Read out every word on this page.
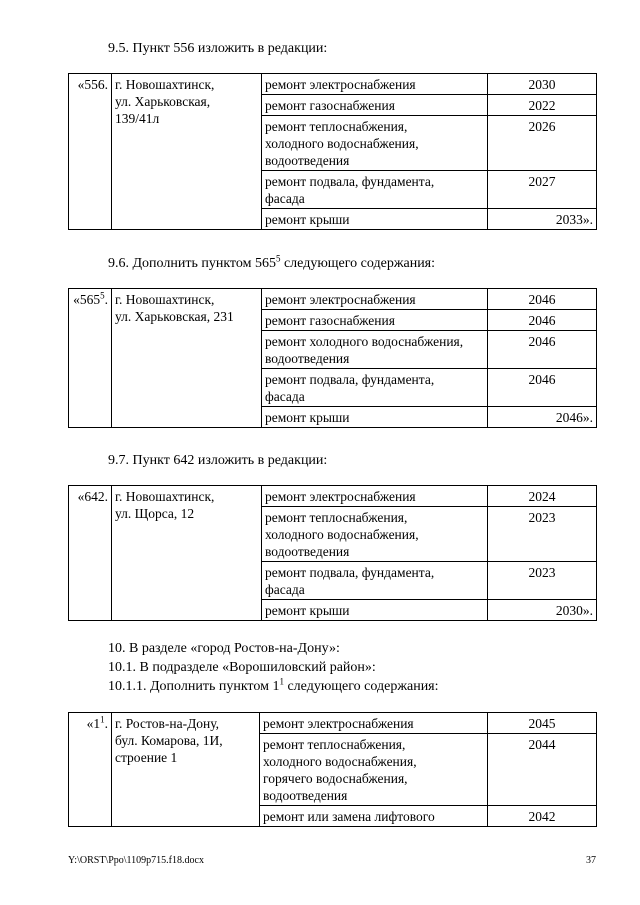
9.5. Пункт 556 изложить в редакции:
«556.	г. Новошахтинск,
ул. Харьковская,
139/41л	ремонт электроснабжения	2030

		ремонт газоснабжения	2022

		ремонт теплоснабжения,
холодного водоснабжения,
водоотведения	2026

		ремонт подвала, фундамента,
фасада	2027

		ремонт крыши	2033».
9.6. Дополнить пунктом $565^5$ следующего содержания:
«$565^5$.	г. Новошахтинск,
ул. Харьковская, 231	ремонт электроснабжения	2046

		ремонт газоснабжения	2046

		ремонт холодного водоснабжения,
водоотведения	2046

		ремонт подвала, фундамента,
фасада	2046

		ремонт крыши	2046».
9.7. Пункт 642 изложить в редакции:
«642.	г. Новошахтинск,
ул. Щорса, 12	ремонт электроснабжения	2024

		ремонт теплоснабжения,
холодного водоснабжения,
водоотведения	2023

		ремонт подвала, фундамента,
фасада	2023

		ремонт крыши	2030».
10. В разделе «город Ростов-на-Дону»:
10.1. В подразделе «Ворошиловский район»:
10.1.1. Дополнить пунктом $1^1$ следующего содержания:
«$1^1$.	г. Ростов-на-Дону,
бул. Комарова, 1И,
строение 1	ремонт электроснабжения	2045

		ремонт теплоснабжения,
холодного водоснабжения,
горячего водоснабжения,
водоотведения	2044

		ремонт или замена лифтового	2042
Y:\ORST\Ppo\1109p715.f18.docx	37
